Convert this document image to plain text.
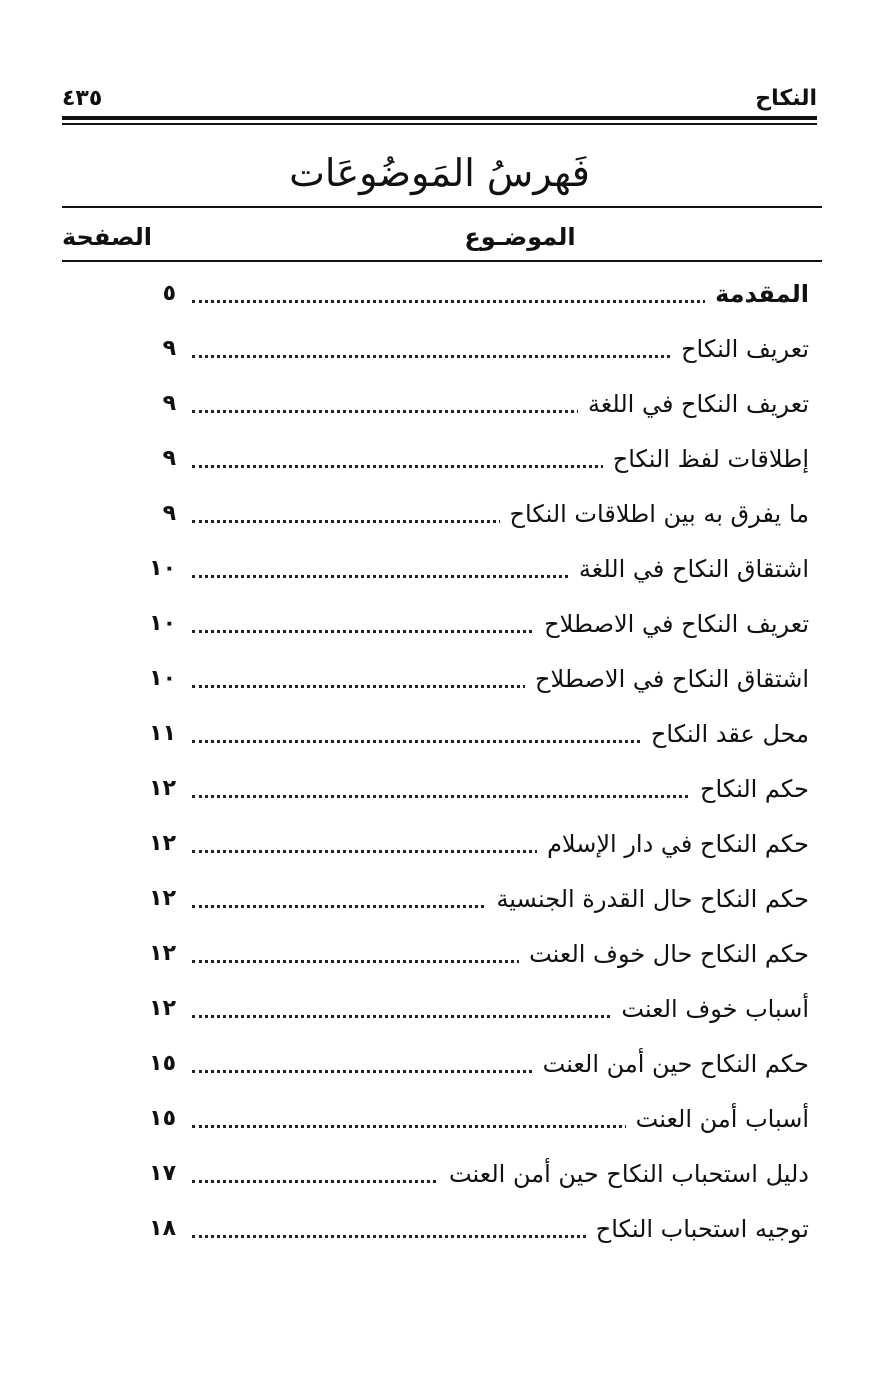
النكاح
٤٣٥
فَهرسُ المَوضُوعَات
الموضـوع
الصفحة
المقدمة
٥
تعريف النكاح
٩
تعريف النكاح في اللغة
٩
إطلاقات لفظ النكاح
٩
ما يفرق به بين اطلاقات النكاح
٩
اشتقاق النكاح في اللغة
١٠
تعريف النكاح في الاصطلاح
١٠
اشتقاق النكاح في الاصطلاح
١٠
محل عقد النكاح
١١
حكم النكاح
١٢
حكم النكاح في دار الإسلام
١٢
حكم النكاح حال القدرة الجنسية
١٢
حكم النكاح حال خوف العنت
١٢
أسباب خوف العنت
١٢
حكم النكاح حين أمن العنت
١٥
أسباب أمن العنت
١٥
دليل استحباب النكاح حين أمن العنت
١٧
توجيه استحباب النكاح
١٨
